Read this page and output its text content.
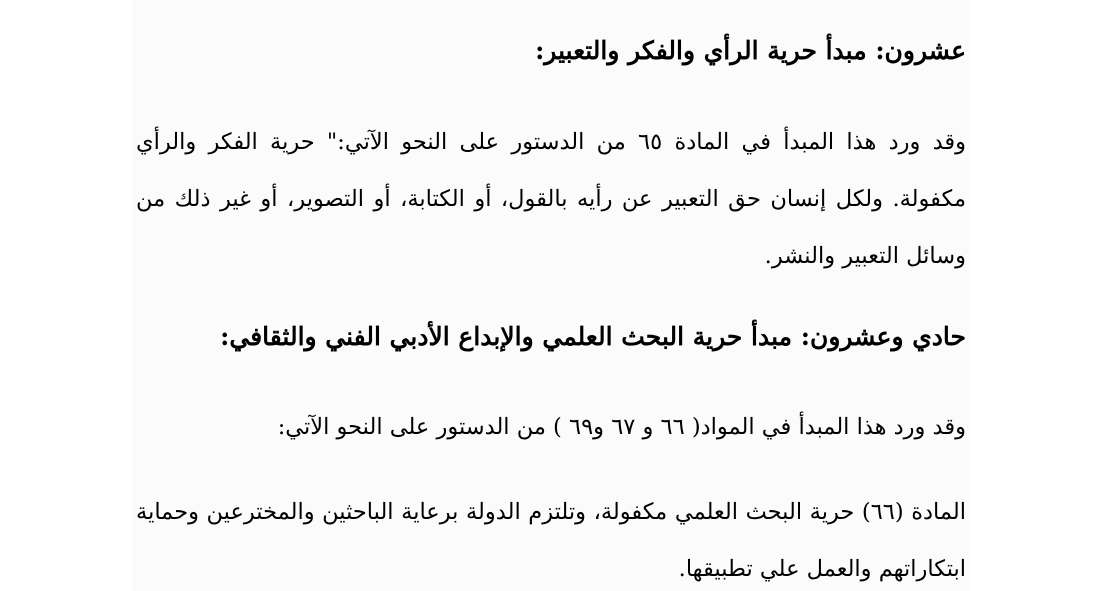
عشرون: مبدأ حرية الرأي والفكر والتعبير:

وقد ورد هذا المبدأ في المادة ٦٥ من الدستور على النحو الآتي:" حرية الفكر والرأي مكفولة. ولكل إنسان حق التعبير عن رأيه بالقول، أو الكتابة، أو التصوير، أو غير ذلك من وسائل التعبير والنشر.

حادي وعشرون: مبدأ حرية البحث العلمي والإبداع الأدبي الفني والثقافي:

وقد ورد هذا المبدأ في المواد( ٦٦ و ٦٧ و٦٩ ) من الدستور على النحو الآتي:

المادة (٦٦) حرية البحث العلمي مكفولة، وتلتزم الدولة برعاية الباحثين والمخترعين وحماية ابتكاراتهم والعمل علي تطبيقها.
